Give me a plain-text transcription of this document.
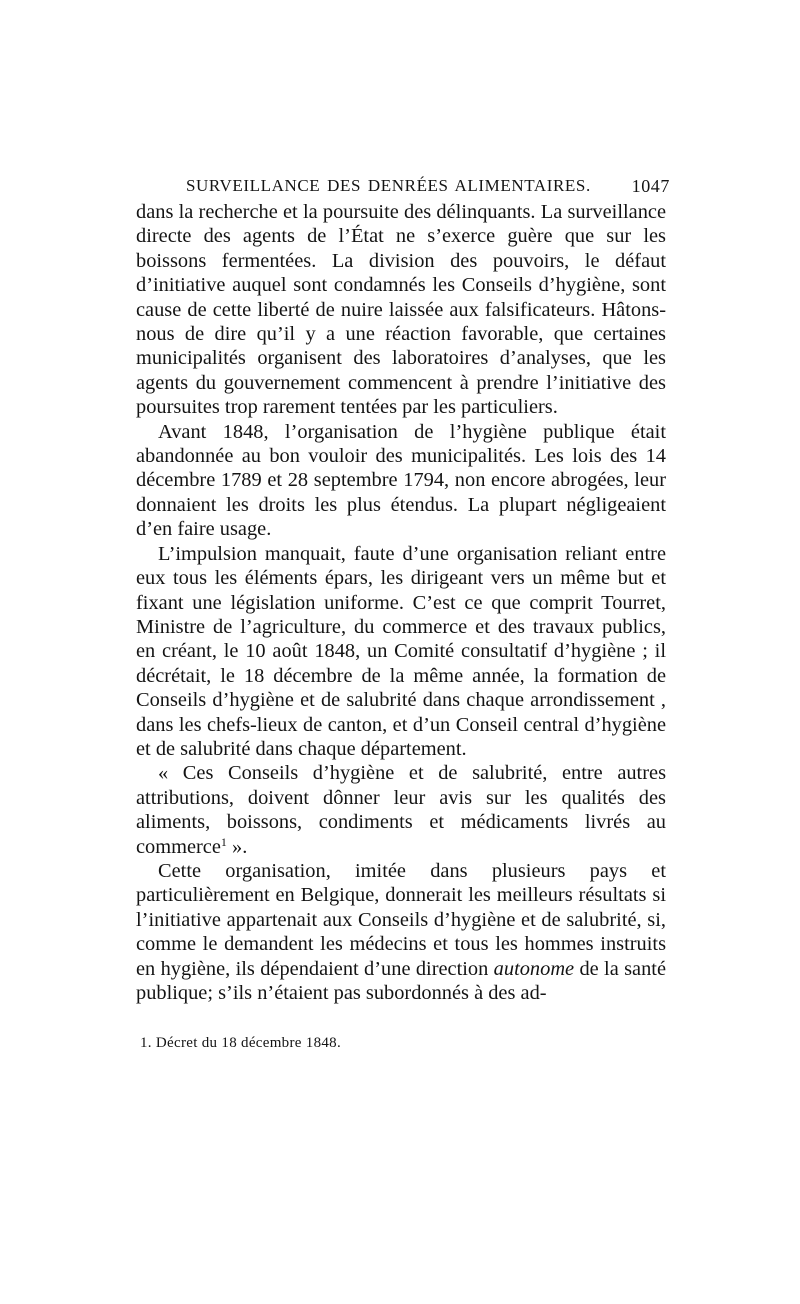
SURVEILLANCE DES DENRÉES ALIMENTAIRES. 1047

dans la recherche et la poursuite des délinquants. La surveillance directe des agents de l’État ne s’exerce guère que sur les boissons fermentées. La division des pouvoirs, le défaut d’initiative auquel sont condamnés les Conseils d’hygiène, sont cause de cette liberté de nuire laissée aux falsificateurs. Hâtons-nous de dire qu’il y a une réaction favorable, que certaines municipalités organisent des laboratoires d’analyses, que les agents du gouvernement commencent à prendre l’initiative des poursuites trop rarement tentées par les particuliers.

Avant 1848, l’organisation de l’hygiène publique était abandonnée au bon vouloir des municipalités. Les lois des 14 décembre 1789 et 28 septembre 1794, non encore abrogées, leur donnaient les droits les plus étendus. La plupart négligeaient d’en faire usage.

L’impulsion manquait, faute d’une organisation reliant entre eux tous les éléments épars, les dirigeant vers un même but et fixant une législation uniforme. C’est ce que comprit Tourret, Ministre de l’agriculture, du commerce et des travaux publics, en créant, le 10 août 1848, un Comité consultatif d’hygiène ; il décrétait, le 18 décembre de la même année, la formation de Conseils d’hygiène et de salubrité dans chaque arrondissement , dans les chefs-lieux de canton, et d’un Conseil central d’hygiène et de salubrité dans chaque département.

« Ces Conseils d’hygiène et de salubrité, entre autres attributions, doivent dônner leur avis sur les qualités des aliments, boissons, condiments et médicaments livrés au commerce$^1$ ».

Cette organisation, imitée dans plusieurs pays et particulièrement en Belgique, donnerait les meilleurs résultats si l’initiative appartenait aux Conseils d’hygiène et de salubrité, si, comme le demandent les médecins et tous les hommes instruits en hygiène, ils dépendaient d’une direction autonome de la santé publique; s’ils n’étaient pas subordonnés à des ad-

1. Décret du 18 décembre 1848.
